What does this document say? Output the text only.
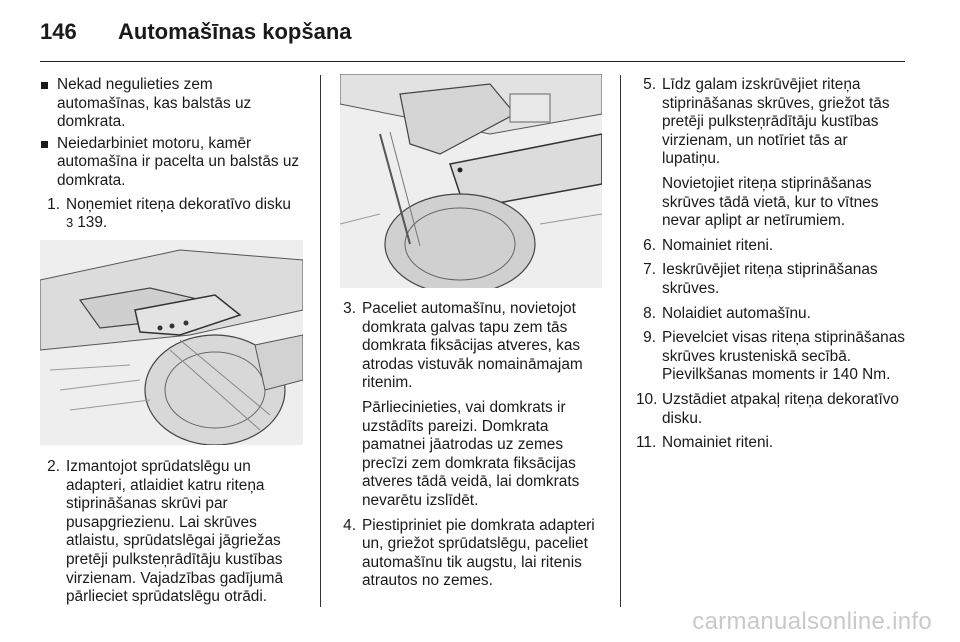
146	Automašīnas kopšana
Nekad negulieties zem automašīnas, kas balstās uz domkrata.
Neiedarbiniet motoru, kamēr automašīna ir pacelta un balstās uz domkrata.
1. Noņemiet riteņa dekoratīvo disku
3 139.
2. Izmantojot sprūdatslēgu un adapteri, atlaidiet katru riteņa stiprināšanas skrūvi par pusapgriezienu. Lai skrūves atlaistu, sprūdatslēgai jāgriežas pretēji pulksteņrādītāju kustības virzienam. Vajadzības gadījumā pārlieciet sprūdatslēgu otrādi.
3. Paceliet automašīnu, novietojot domkrata galvas tapu zem tās domkrata fiksācijas atveres, kas atrodas vistuvāk nomaināmajam ritenim.

Pārliecinieties, vai domkrats ir uzstādīts pareizi. Domkrata pamatnei jāatrodas uz zemes precīzi zem domkrata fiksācijas atveres tādā veidā, lai domkrats nevarētu izslīdēt.

4. Piestipriniet pie domkrata adapteri un, griežot sprūdatslēgu, paceliet automašīnu tik augstu, lai ritenis atrautos no zemes.
5. Līdz galam izskrūvējiet riteņa stiprināšanas skrūves, griežot tās pretēji pulksteņrādītāju kustības virzienam, un notīriet tās ar lupatiņu.

Novietojiet riteņa stiprināšanas skrūves tādā vietā, kur to vītnes nevar aplipt ar netīrumiem.

6. Nomainiet riteni.
7. Ieskrūvējiet riteņa stiprināšanas skrūves.
8. Nolaidiet automašīnu.
9. Pievelciet visas riteņa stiprināšanas skrūves krusteniskā secībā. Pievilkšanas moments ir 140 Nm.
10. Uzstādiet atpakaļ riteņa dekoratīvo disku.
11. Nomainiet riteni.
carmanualsonline.info
